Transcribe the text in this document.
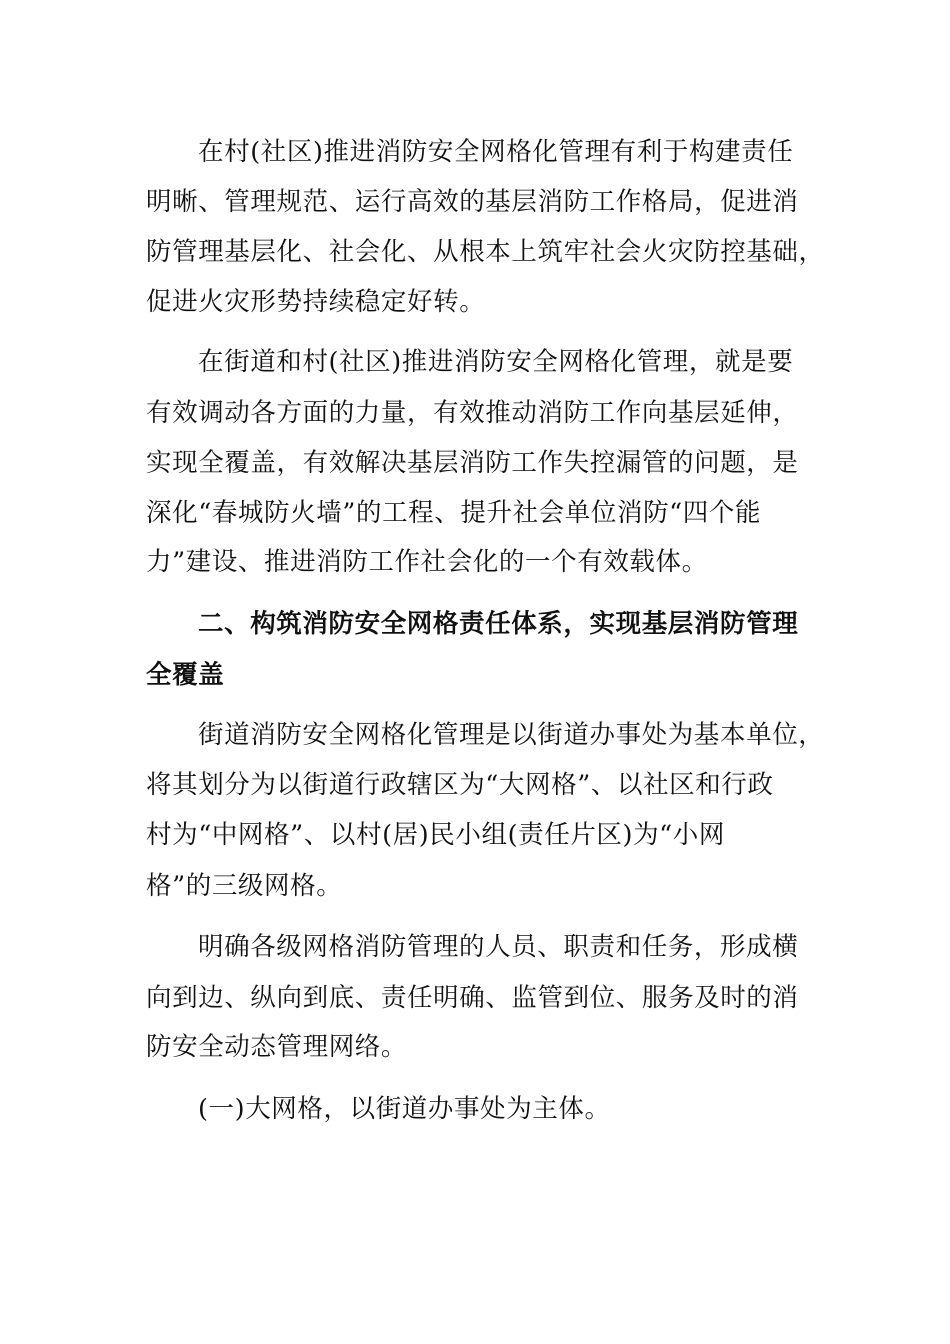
在村(社区)推进消防安全网格化管理有利于构建责任
明晰、管理规范、运行高效的基层消防工作格局，促进消
防管理基层化、社会化、从根本上筑牢社会火灾防控基础，
促进火灾形势持续稳定好转。
在街道和村(社区)推进消防安全网格化管理，就是要
有效调动各方面的力量，有效推动消防工作向基层延伸，
实现全覆盖，有效解决基层消防工作失控漏管的问题，是
深化“春城防火墙”的工程、提升社会单位消防“四个能
力”建设、推进消防工作社会化的一个有效载体。
二、构筑消防安全网格责任体系，实现基层消防管理
全覆盖
街道消防安全网格化管理是以街道办事处为基本单位，
将其划分为以街道行政辖区为“大网格”、以社区和行政
村为“中网格”、以村(居)民小组(责任片区)为“小网
格”的三级网格。
明确各级网格消防管理的人员、职责和任务，形成横
向到边、纵向到底、责任明确、监管到位、服务及时的消
防安全动态管理网络。
(一)大网格，以街道办事处为主体。
